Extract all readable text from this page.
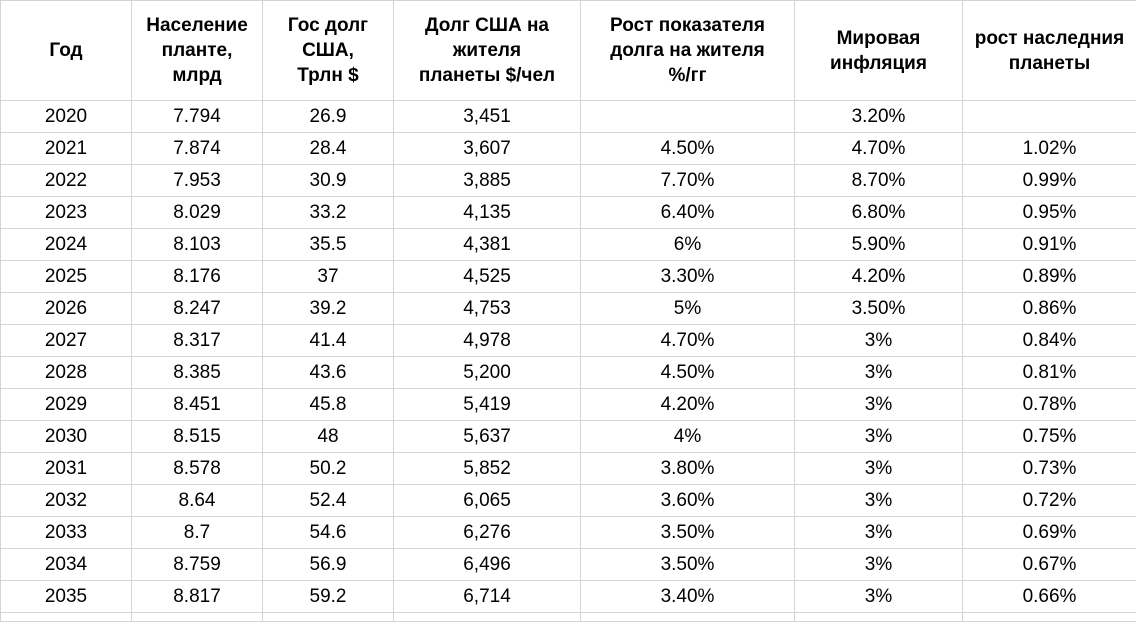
Год	Население
планте,
млрд	Гос долг США,
Трлн $	Долг США на
жителя
планеты $/чел	Рост показателя
долга на жителя
%/гг	Мировая
инфляция	рост наследния
планеты

2020	7.794	26.9	3,451		3.20%	
2021	7.874	28.4	3,607	4.50%	4.70%	1.02%
2022	7.953	30.9	3,885	7.70%	8.70%	0.99%
2023	8.029	33.2	4,135	6.40%	6.80%	0.95%
2024	8.103	35.5	4,381	6%	5.90%	0.91%
2025	8.176	37	4,525	3.30%	4.20%	0.89%
2026	8.247	39.2	4,753	5%	3.50%	0.86%
2027	8.317	41.4	4,978	4.70%	3%	0.84%
2028	8.385	43.6	5,200	4.50%	3%	0.81%
2029	8.451	45.8	5,419	4.20%	3%	0.78%
2030	8.515	48	5,637	4%	3%	0.75%
2031	8.578	50.2	5,852	3.80%	3%	0.73%
2032	8.64	52.4	6,065	3.60%	3%	0.72%
2033	8.7	54.6	6,276	3.50%	3%	0.69%
2034	8.759	56.9	6,496	3.50%	3%	0.67%
2035	8.817	59.2	6,714	3.40%	3%	0.66%
